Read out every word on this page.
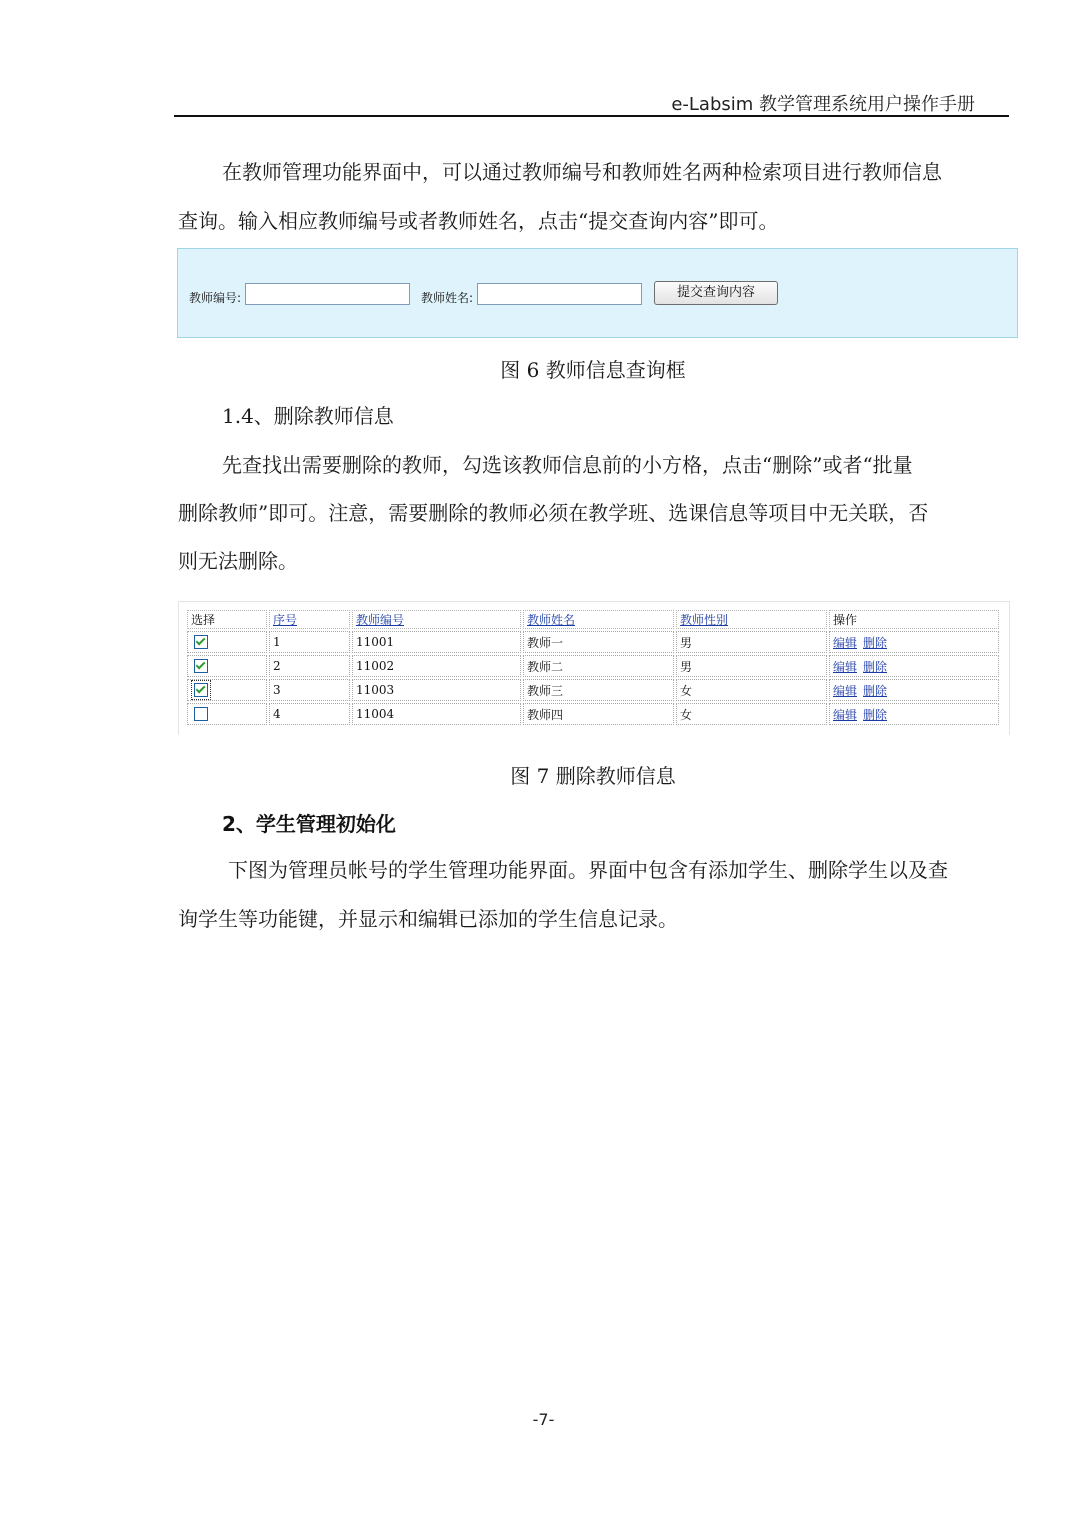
e-Labsim 教学管理系统用户操作手册
在教师管理功能界面中，可以通过教师编号和教师姓名两种检索项目进行教师信息
查询。输入相应教师编号或者教师姓名，点击“提交查询内容”即可。
教师编号:	教师姓名:	提交查询内容
图 6 教师信息查询框
1.4、删除教师信息
先查找出需要删除的教师，勾选该教师信息前的小方格，点击“删除”或者“批量
删除教师”即可。注意，需要删除的教师必须在教学班、选课信息等项目中无关联，否
则无法删除。
选择	序号	教师编号	教师姓名	教师性别	操作
	1	11001	教师一	男	编辑 删除
	2	11002	教师二	男	编辑 删除
	3	11003	教师三	女	编辑 删除
	4	11004	教师四	女	编辑 删除
图 7 删除教师信息
2、学生管理初始化
下图为管理员帐号的学生管理功能界面。界面中包含有添加学生、删除学生以及查
询学生等功能键，并显示和编辑已添加的学生信息记录。
-7-
